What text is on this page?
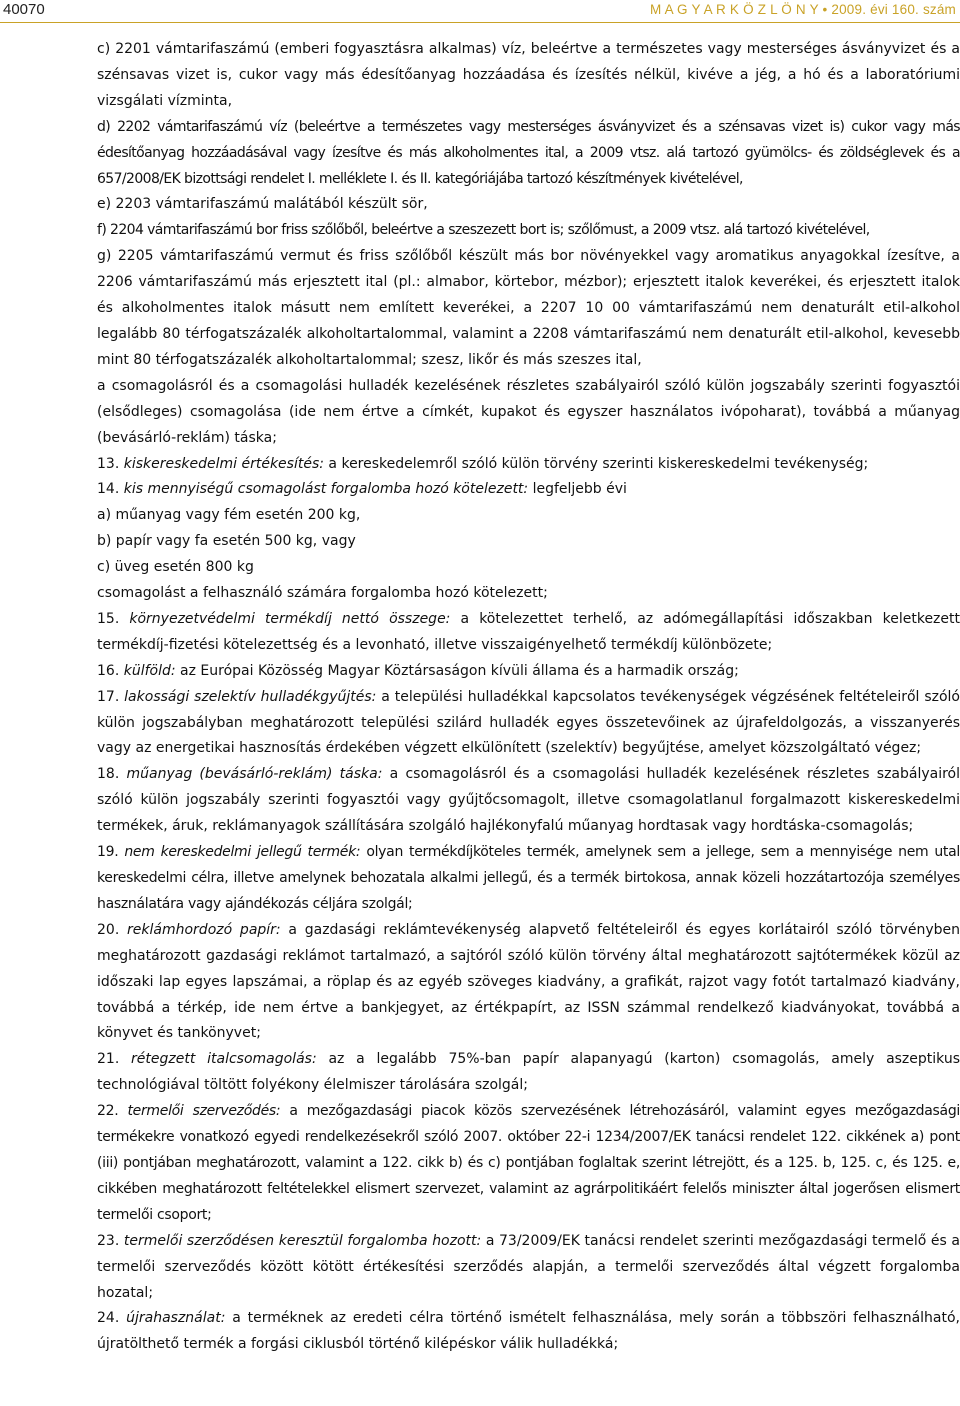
40070	M A G Y A R K Ö Z L Ö N Y • 2009. évi 160. szám

c) 2201 vámtarifaszámú (emberi fogyasztásra alkalmas) víz, beleértve a természetes vagy mesterséges ásványvizet és a szénsavas vizet is, cukor vagy más édesítőanyag hozzáadása és ízesítés nélkül, kivéve a jég, a hó és a laboratóriumi vizsgálati vízminta,

d) 2202 vámtarifaszámú víz (beleértve a természetes vagy mesterséges ásványvizet és a szénsavas vizet is) cukor vagy más édesítőanyag hozzáadásával vagy ízesítve és más alkoholmentes ital, a 2009 vtsz. alá tartozó gyümölcs- és zöldséglevek és a 657/2008/EK bizottsági rendelet I. melléklete I. és II. kategóriájába tartozó készítmények kivételével,

e) 2203 vámtarifaszámú malátából készült sör,

f) 2204 vámtarifaszámú bor friss szőlőből, beleértve a szeszezett bort is; szőlőmust, a 2009 vtsz. alá tartozó kivételével,

g) 2205 vámtarifaszámú vermut és friss szőlőből készült más bor növényekkel vagy aromatikus anyagokkal ízesítve, a 2206 vámtarifaszámú más erjesztett ital (pl.: almabor, körtebor, mézbor); erjesztett italok keverékei, és erjesztett italok és alkoholmentes italok másutt nem említett keverékei, a 2207 10 00 vámtarifaszámú nem denaturált etil-alkohol legalább 80 térfogatszázalék alkoholtartalommal, valamint a 2208 vámtarifaszámú nem denaturált etil-alkohol, kevesebb mint 80 térfogatszázalék alkoholtartalommal; szesz, likőr és más szeszes ital,

a csomagolásról és a csomagolási hulladék kezelésének részletes szabályairól szóló külön jogszabály szerinti fogyasztói (elsődleges) csomagolása (ide nem értve a címkét, kupakot és egyszer használatos ivópoharat), továbbá a műanyag (bevásárló-reklám) táska;

13. kiskereskedelmi értékesítés: a kereskedelemről szóló külön törvény szerinti kiskereskedelmi tevékenység;

14. kis mennyiségű csomagolást forgalomba hozó kötelezett: legfeljebb évi

a) műanyag vagy fém esetén 200 kg,

b) papír vagy fa esetén 500 kg, vagy

c) üveg esetén 800 kg

csomagolást a felhasználó számára forgalomba hozó kötelezett;

15. környezetvédelmi termékdíj nettó összege: a kötelezettet terhelő, az adómegállapítási időszakban keletkezett termékdíj-fizetési kötelezettség és a levonható, illetve visszaigényelhető termékdíj különbözete;

16. külföld: az Európai Közösség Magyar Köztársaságon kívüli állama és a harmadik ország;

17. lakossági szelektív hulladékgyűjtés: a települési hulladékkal kapcsolatos tevékenységek végzésének feltételeiről szóló külön jogszabályban meghatározott települési szilárd hulladék egyes összetevőinek az újrafeldolgozás, a visszanyerés vagy az energetikai hasznosítás érdekében végzett elkülönített (szelektív) begyűjtése, amelyet közszolgáltató végez;

18. műanyag (bevásárló-reklám) táska: a csomagolásról és a csomagolási hulladék kezelésének részletes szabályairól szóló külön jogszabály szerinti fogyasztói vagy gyűjtőcsomagolt, illetve csomagolatlanul forgalmazott kiskereskedelmi termékek, áruk, reklámanyagok szállítására szolgáló hajlékonyfalú műanyag hordtasak vagy hordtáska-csomagolás;

19. nem kereskedelmi jellegű termék: olyan termékdíjköteles termék, amelynek sem a jellege, sem a mennyisége nem utal kereskedelmi célra, illetve amelynek behozatala alkalmi jellegű, és a termék birtokosa, annak közeli hozzátartozója személyes használatára vagy ajándékozás céljára szolgál;

20. reklámhordozó papír: a gazdasági reklámtevékenység alapvető feltételeiről és egyes korlátairól szóló törvényben meghatározott gazdasági reklámot tartalmazó, a sajtóról szóló külön törvény által meghatározott sajtótermékek közül az időszaki lap egyes lapszámai, a röplap és az egyéb szöveges kiadvány, a grafikát, rajzot vagy fotót tartalmazó kiadvány, továbbá a térkép, ide nem értve a bankjegyet, az értékpapírt, az ISSN számmal rendelkező kiadványokat, továbbá a könyvet és tankönyvet;

21. rétegzett italcsomagolás: az a legalább 75%-ban papír alapanyagú (karton) csomagolás, amely aszeptikus technológiával töltött folyékony élelmiszer tárolására szolgál;

22. termelői szerveződés: a mezőgazdasági piacok közös szervezésének létrehozásáról, valamint egyes mezőgazdasági termékekre vonatkozó egyedi rendelkezésekről szóló 2007. október 22-i 1234/2007/EK tanácsi rendelet 122. cikkének a) pont (iii) pontjában meghatározott, valamint a 122. cikk b) és c) pontjában foglaltak szerint létrejött, és a 125. b, 125. c, és 125. e, cikkében meghatározott feltételekkel elismert szervezet, valamint az agrárpolitikáért felelős miniszter által jogerősen elismert termelői csoport;

23. termelői szerződésen keresztül forgalomba hozott: a 73/2009/EK tanácsi rendelet szerinti mezőgazdasági termelő és a termelői szerveződés között kötött értékesítési szerződés alapján, a termelői szerveződés által végzett forgalomba hozatal;

24. újrahasználat: a terméknek az eredeti célra történő ismételt felhasználása, mely során a többszöri felhasználható, újratölthető termék a forgási ciklusból történő kilépéskor válik hulladékká;
